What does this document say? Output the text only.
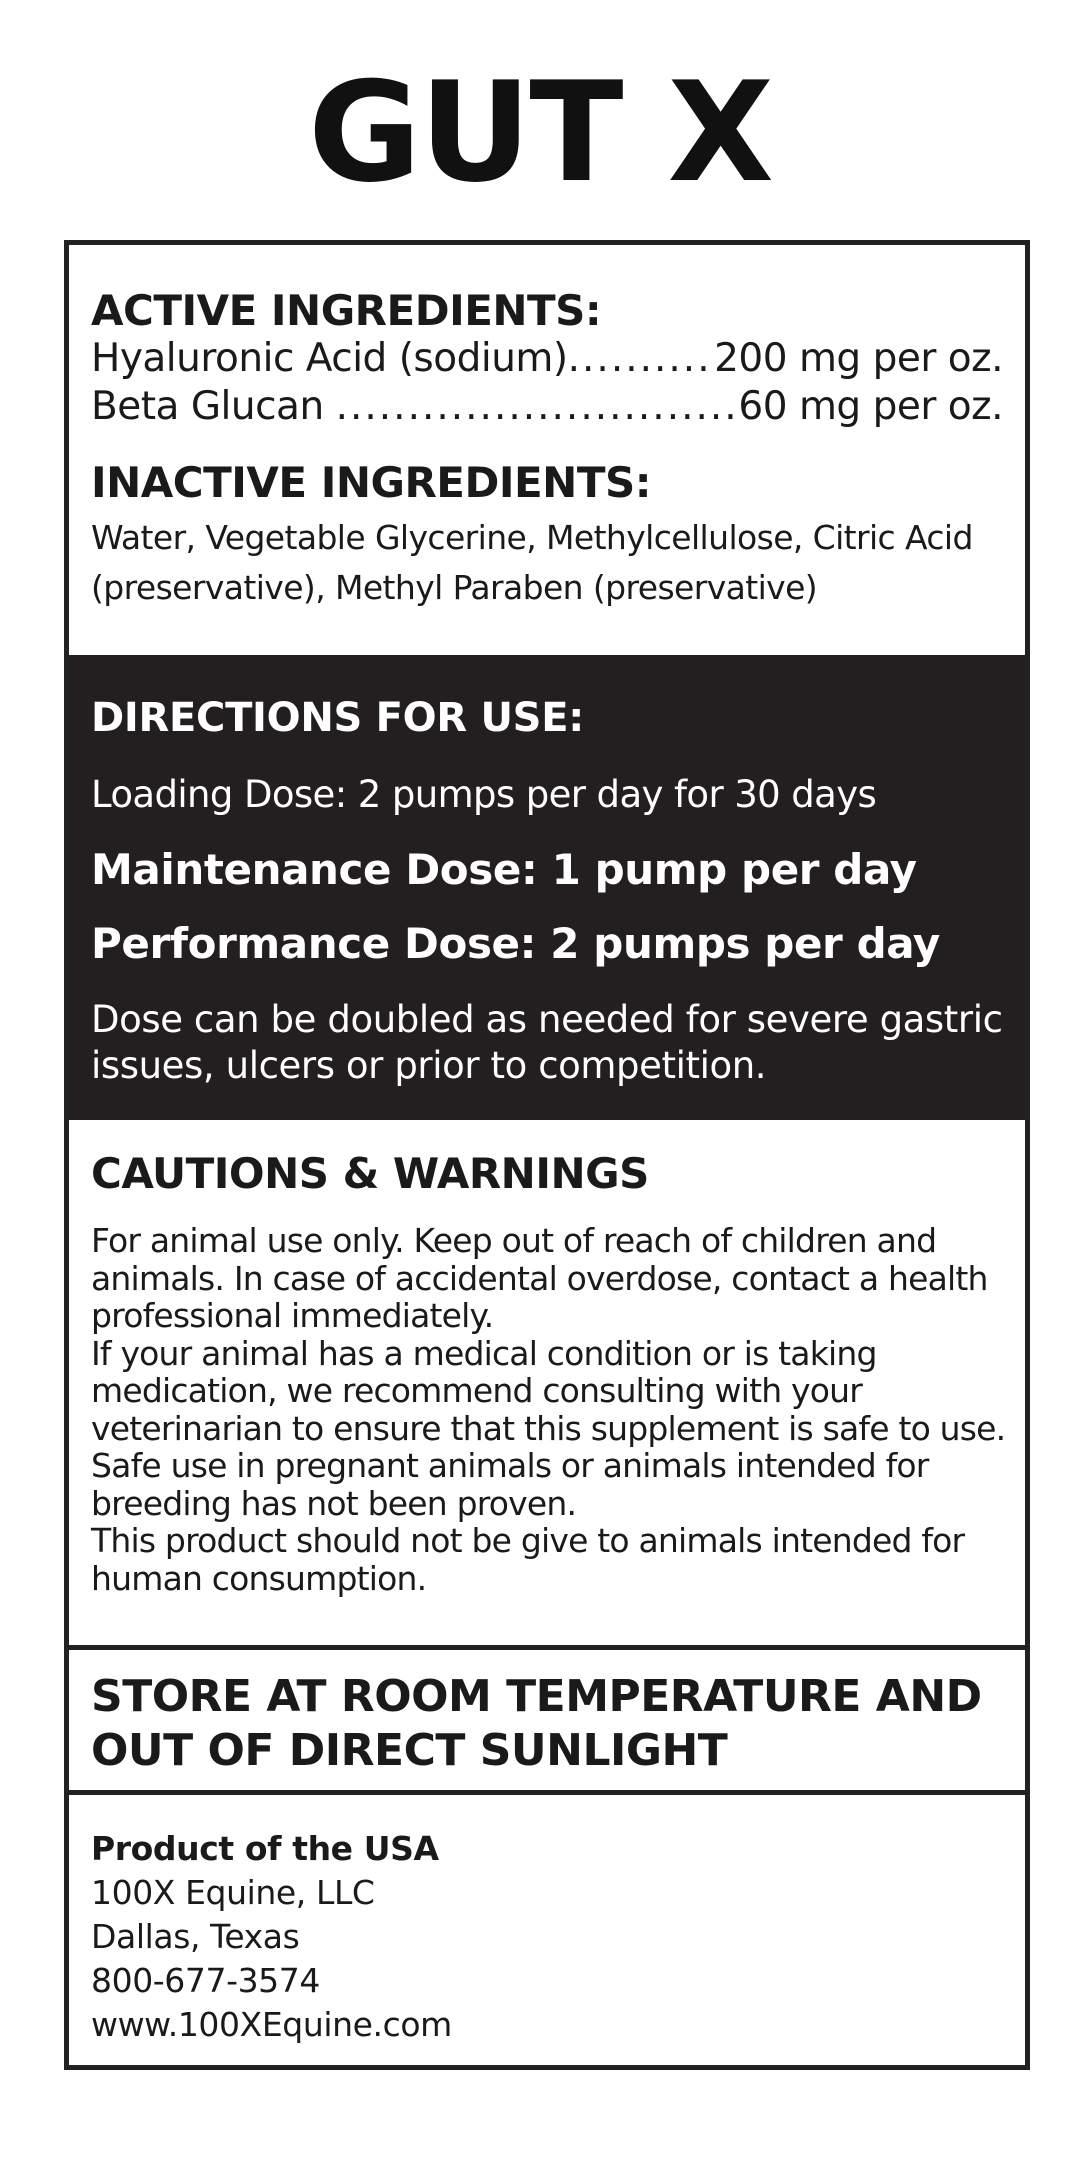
GUT X
ACTIVE INGREDIENTS:
Hyaluronic Acid (sodium) .....	200 mg per oz.
Beta Glucan .....	60 mg per oz.
INACTIVE INGREDIENTS:
Water, Vegetable Glycerine, Methylcellulose, Citric Acid (preservative), Methyl Paraben (preservative)
DIRECTIONS FOR USE:
Loading Dose: 2 pumps per day for 30 days
Maintenance Dose: 1 pump per day
Performance Dose: 2 pumps per day
Dose can be doubled as needed for severe gastric issues, ulcers or prior to competition.
CAUTIONS & WARNINGS
For animal use only. Keep out of reach of children and animals. In case of accidental overdose, contact a health professional immediately.
If your animal has a medical condition or is taking medication, we recommend consulting with your veterinarian to ensure that this supplement is safe to use.
Safe use in pregnant animals or animals intended for breeding has not been proven.
This product should not be give to animals intended for human consumption.
STORE AT ROOM TEMPERATURE AND OUT OF DIRECT SUNLIGHT
Product of the USA
100X Equine, LLC
Dallas, Texas
800-677-3574
www.100XEquine.com
